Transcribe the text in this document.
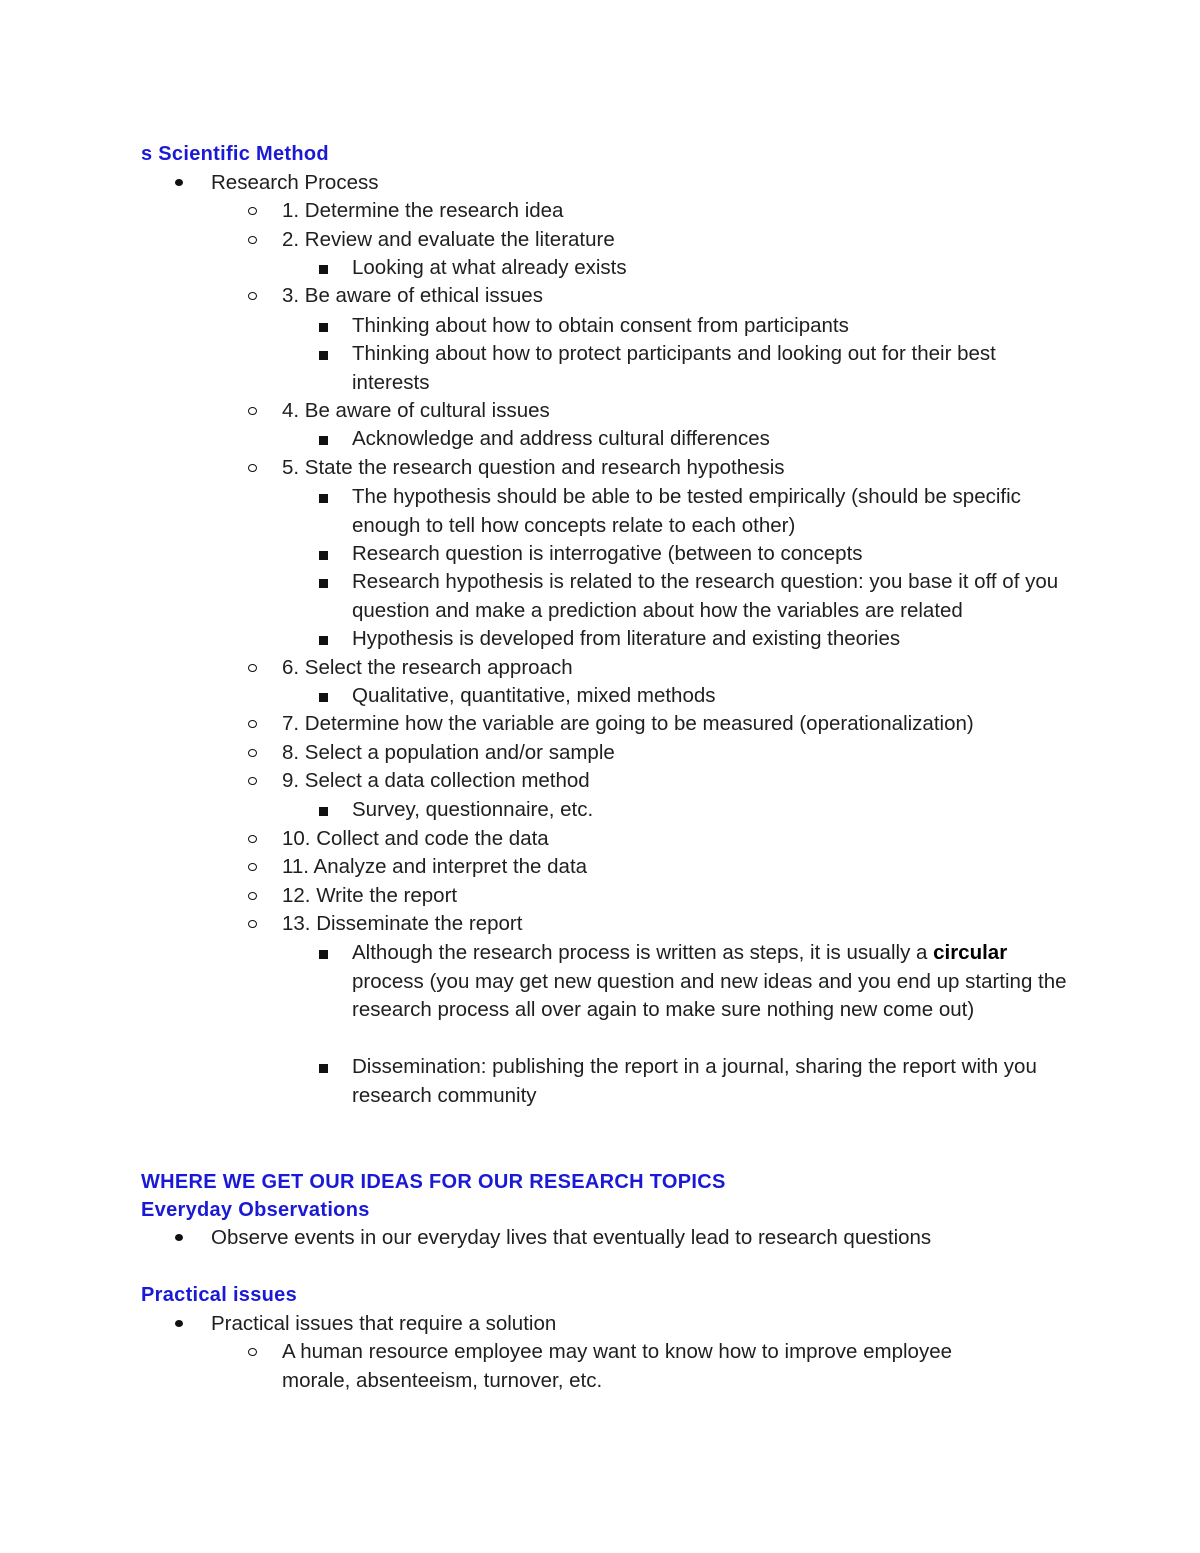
s Scientific Method
Research Process
1. Determine the research idea
2. Review and evaluate the literature
Looking at what already exists
3. Be aware of ethical issues
Thinking about how to obtain consent from participants
Thinking about how to protect participants and looking out for their best interests
4. Be aware of cultural issues
Acknowledge and address cultural differences
5. State the research question and research hypothesis
The hypothesis should be able to be tested empirically (should be specific enough to tell how concepts relate to each other)
Research question is interrogative (between to concepts
Research hypothesis is related to the research question: you base it off of you question and make a prediction about how the variables are related
Hypothesis is developed from literature and existing theories
6. Select the research approach
Qualitative, quantitative, mixed methods
7. Determine how the variable are going to be measured (operationalization)
8. Select a population and/or sample
9. Select a data collection method
Survey, questionnaire, etc.
10. Collect and code the data
11. Analyze and interpret the data
12. Write the report
13. Disseminate the report
Although the research process is written as steps, it is usually a circular process (you may get new question and new ideas and you end up starting the research process all over again to make sure nothing new come out)
Dissemination: publishing the report in a journal, sharing the report with you research community
WHERE WE GET OUR IDEAS FOR OUR RESEARCH TOPICS
Everyday Observations
Observe events in our everyday lives that eventually lead to research questions
Practical issues
Practical issues that require a solution
A human resource employee may want to know how to improve employee morale, absenteeism, turnover, etc.
